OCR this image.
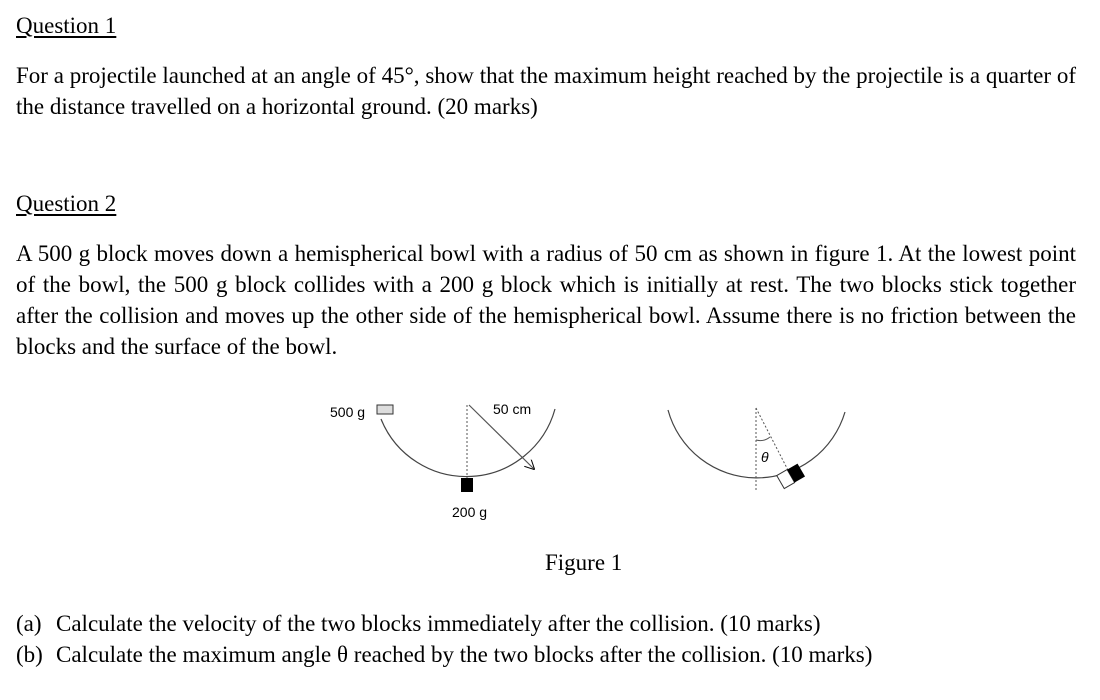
Question 1

For a projectile launched at an angle of 45°, show that the maximum height reached by the projectile is a quarter of the distance travelled on a horizontal ground. (20 marks)

Question 2

A 500 g block moves down a hemispherical bowl with a radius of 50 cm as shown in figure 1. At the lowest point of the bowl, the 500 g block collides with a 200 g block which is initially at rest. The two blocks stick together after the collision and moves up the other side of the hemispherical bowl. Assume there is no friction between the blocks and the surface of the bowl.

500 g	50 cm
200 g
θ
Figure 1
(a) Calculate the velocity of the two blocks immediately after the collision. (10 marks)
(b) Calculate the maximum angle θ reached by the two blocks after the collision. (10 marks)
